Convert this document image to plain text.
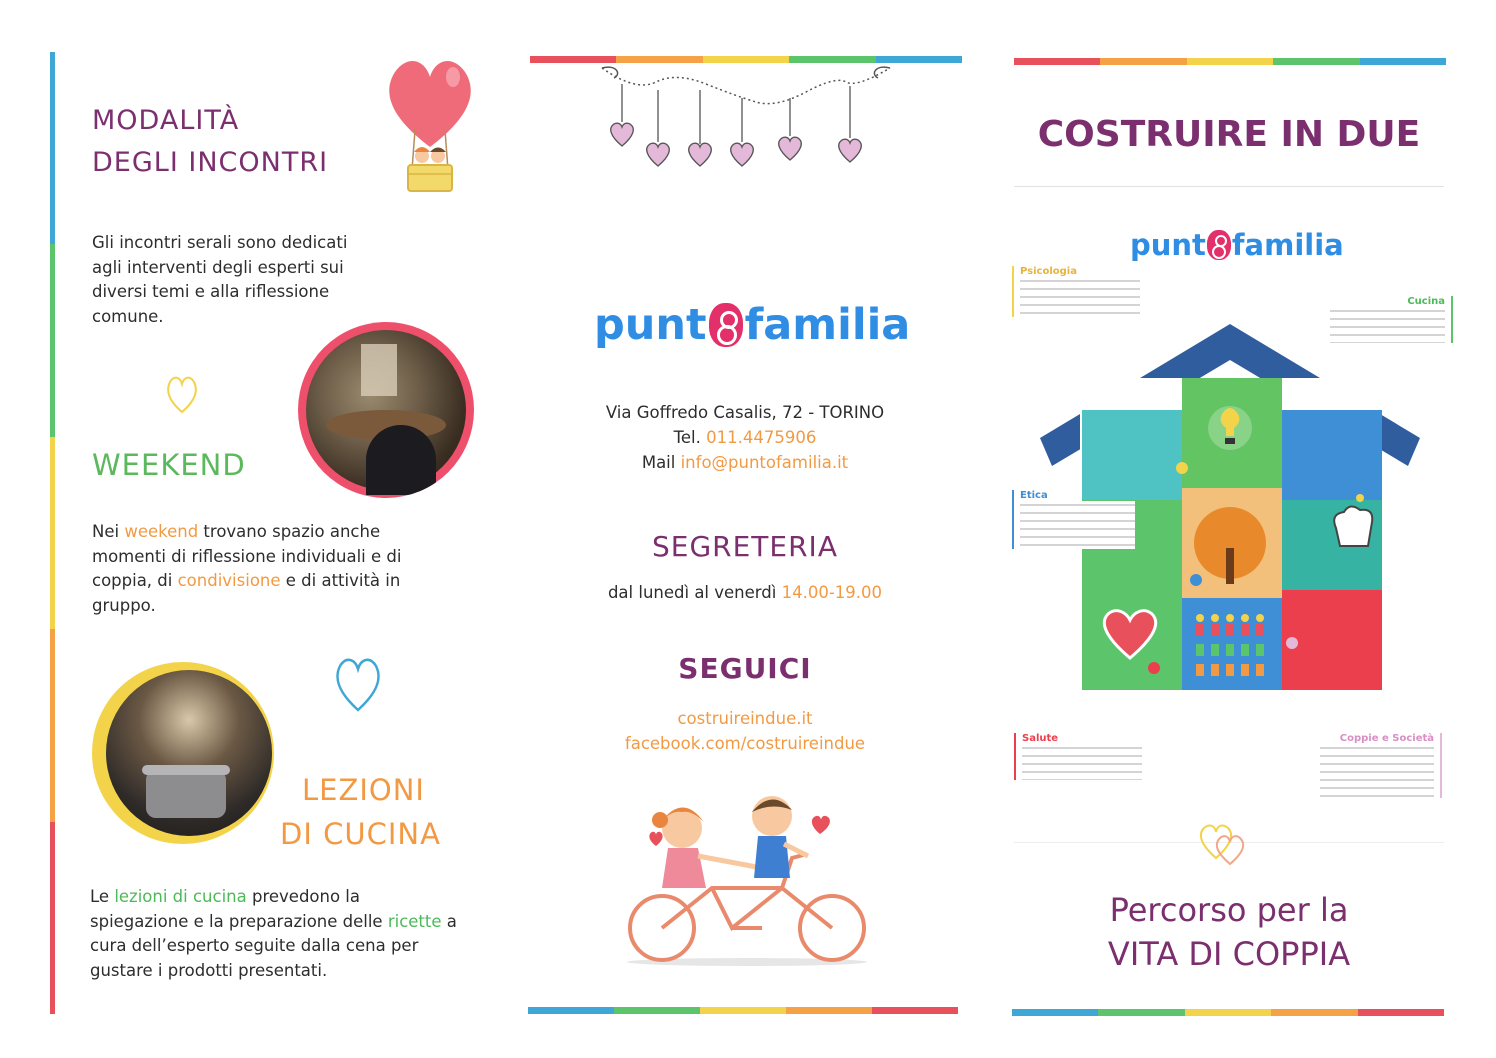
MODALITÀ
DEGLI INCONTRI
Gli incontri serali sono dedicati agli interventi degli esperti sui diversi temi e alla riflessione comune.
WEEKEND
Nei weekend trovano spazio anche momenti di riflessione individuali e di coppia, di condivisione e di attività in gruppo.
LEZIONI
DI CUCINA
Le lezioni di cucina prevedono la spiegazione e la preparazione delle ricette a cura dell’esperto seguite dalla cena per gustare i prodotti presentati.
punt familia
Via Goffredo Casalis, 72 - TORINO
Tel. 011.4475906
Mail info@puntofamilia.it
SEGRETERIA
dal lunedì al venerdì 14.00-19.00
SEGUICI
costruireindue.it
facebook.com/costruireindue
COSTRUIRE IN DUE
punt familia
Psicologia
Cucina
Etica
Salute	Coppie e Società
Percorso per la
VITA DI COPPIA
